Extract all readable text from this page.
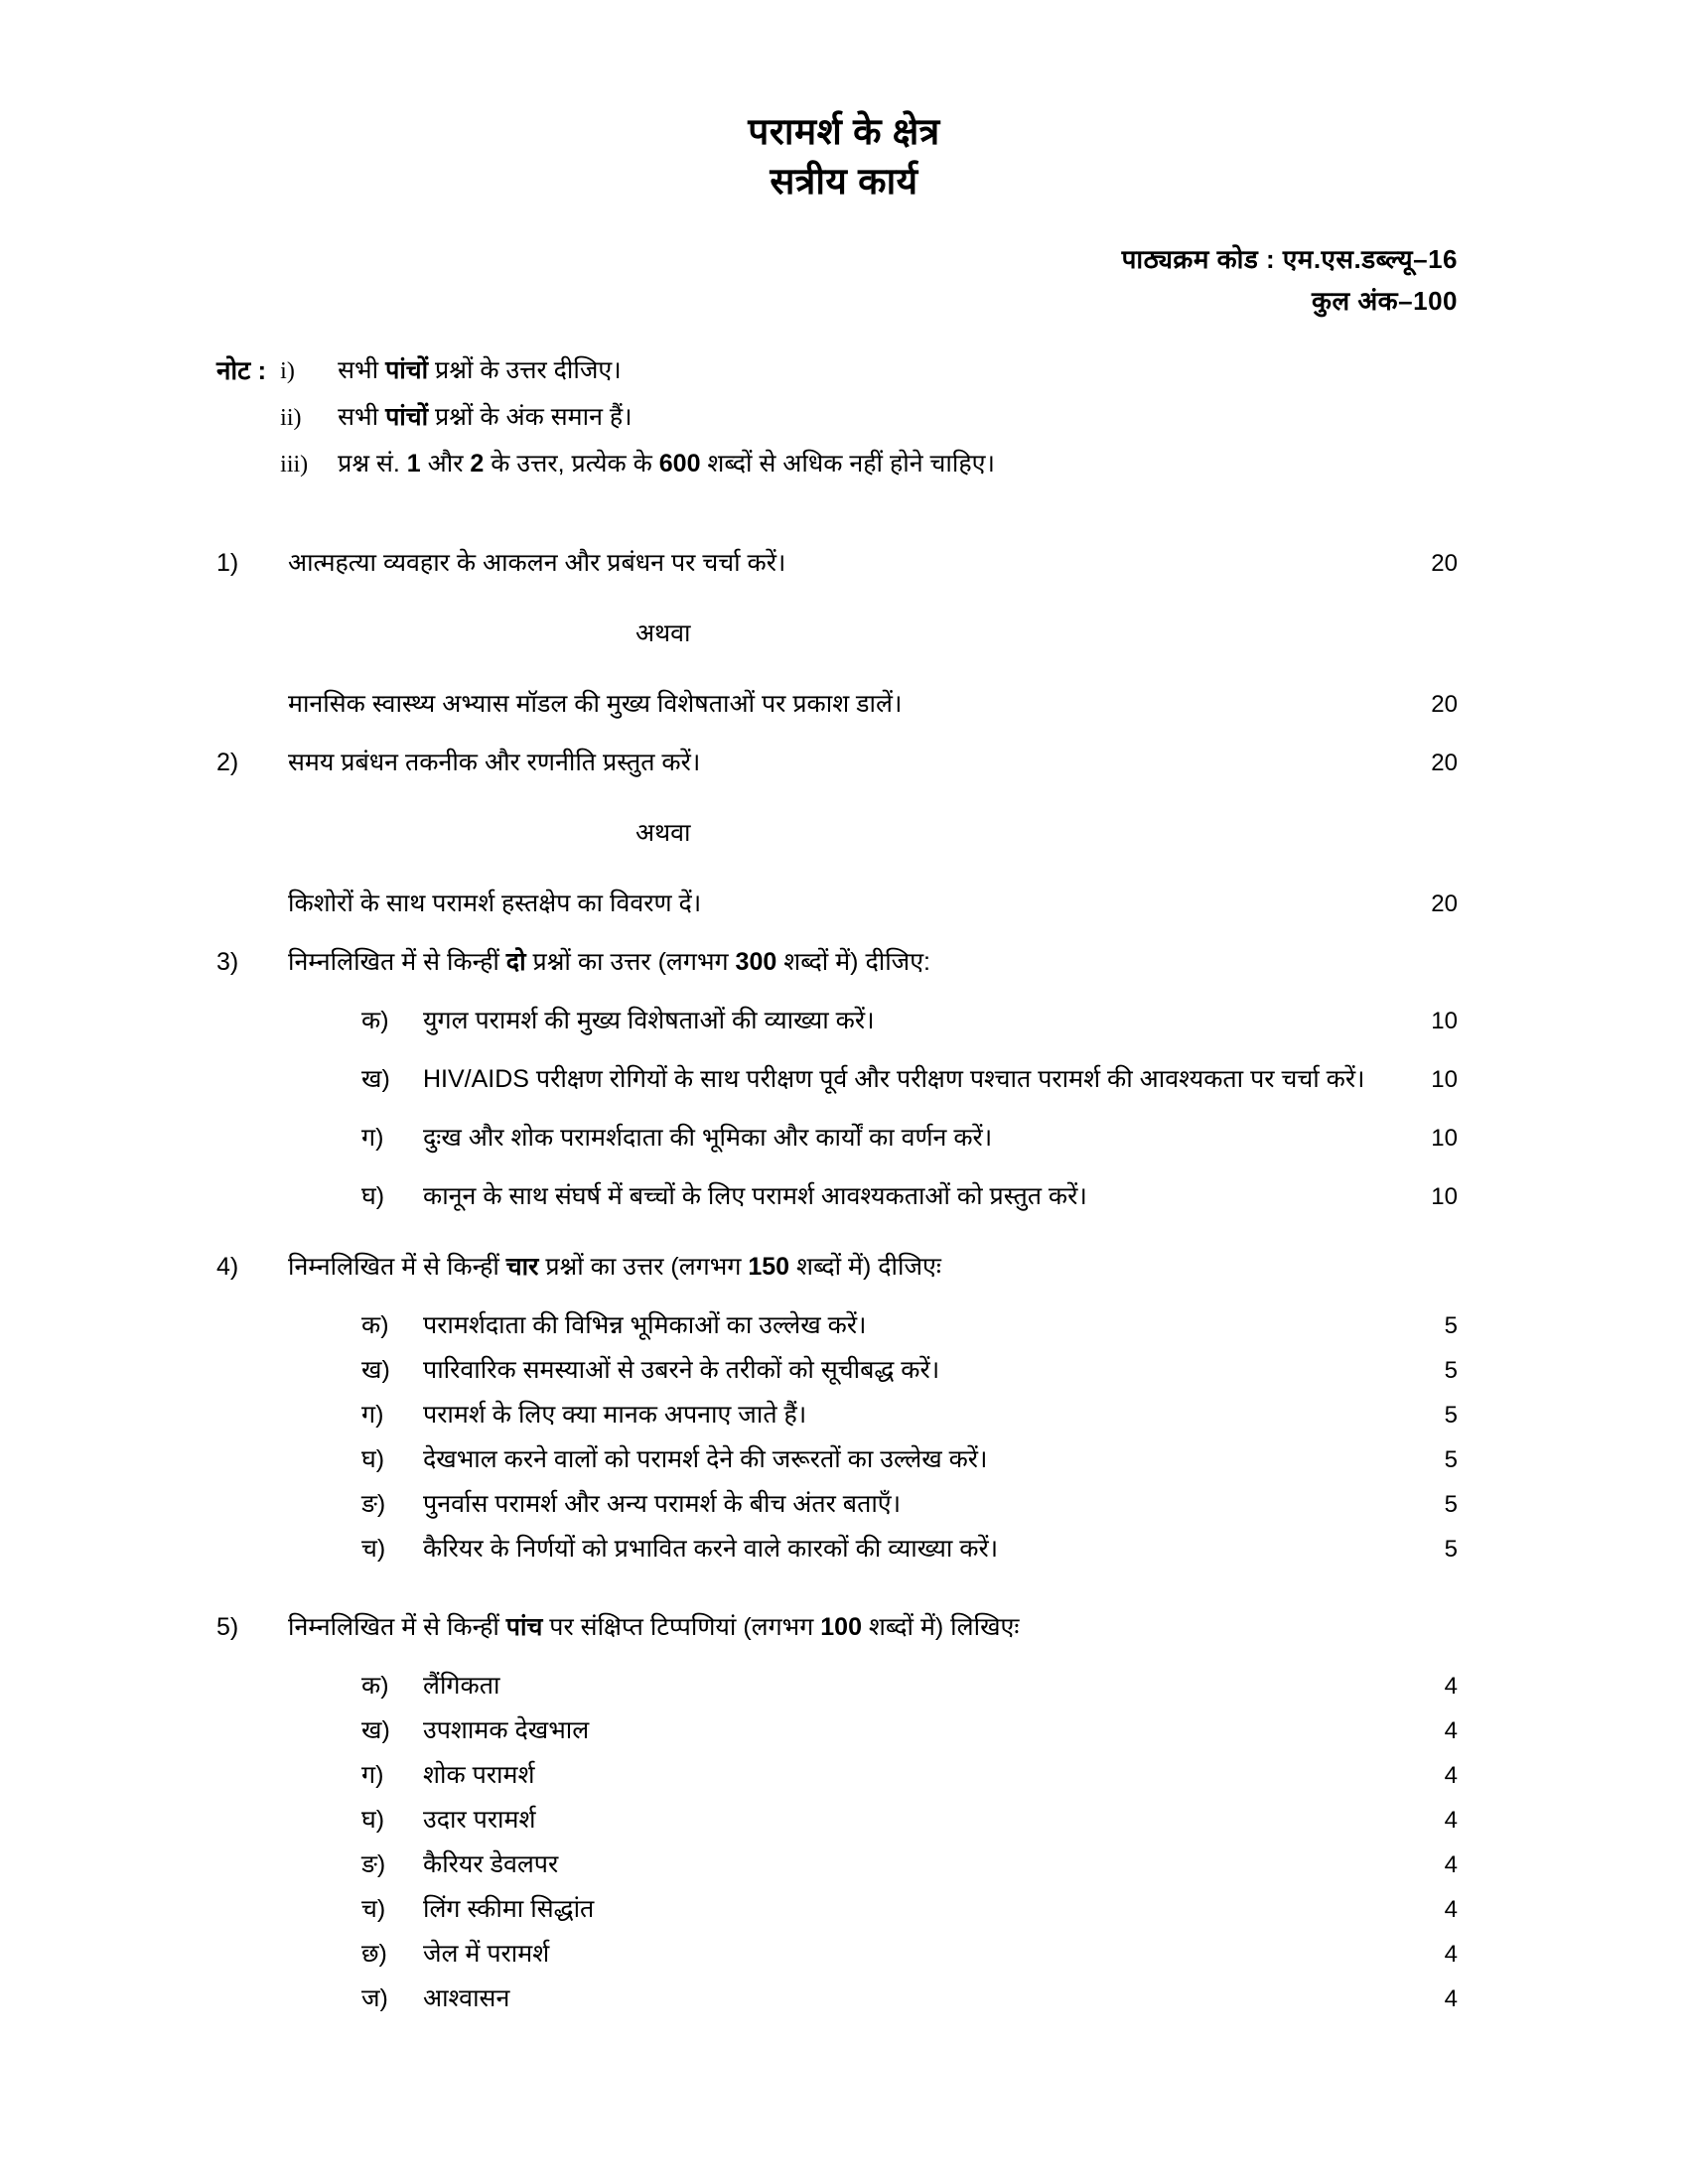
परामर्श के क्षेत्र
सत्रीय कार्य
पाठ्यक्रम कोड : एम.एस.डब्ल्यू–16
कुल अंक–100
नोट : i)	सभी पांचों प्रश्नों के उत्तर दीजिए।
ii)	सभी पांचों प्रश्नों के अंक समान हैं।
iii)	प्रश्न सं. 1 और 2 के उत्तर, प्रत्येक के 600 शब्दों से अधिक नहीं होने चाहिए।
1)	आत्महत्या व्यवहार के आकलन और प्रबंधन पर चर्चा करें।	20
अथवा
मानसिक स्वास्थ्य अभ्यास मॉडल की मुख्य विशेषताओं पर प्रकाश डालें।	20
2)	समय प्रबंधन तकनीक और रणनीति प्रस्तुत करें।	20
अथवा
किशोरों के साथ परामर्श हस्तक्षेप का विवरण दें।	20
3)	निम्नलिखित में से किन्हीं दो प्रश्नों का उत्तर (लगभग 300 शब्दों में) दीजिए:
क)	युगल परामर्श की मुख्य विशेषताओं की व्याख्या करें।	10
ख)	HIV/AIDS परीक्षण रोगियों के साथ परीक्षण पूर्व और परीक्षण पश्चात परामर्श की आवश्यकता पर चर्चा करें।	10
ग)	दुःख और शोक परामर्शदाता की भूमिका और कार्यों का वर्णन करें।	10
घ)	कानून के साथ संघर्ष में बच्चों के लिए परामर्श आवश्यकताओं को प्रस्तुत करें।	10
4)	निम्नलिखित में से किन्हीं चार प्रश्नों का उत्तर (लगभग 150 शब्दों में) दीजिएः
क)	परामर्शदाता की विभिन्न भूमिकाओं का उल्लेख करें।	5
ख)	पारिवारिक समस्याओं से उबरने के तरीकों को सूचीबद्ध करें।	5
ग)	परामर्श के लिए क्या मानक अपनाए जाते हैं।	5
घ)	देखभाल करने वालों को परामर्श देने की जरूरतों का उल्लेख करें।	5
ङ)	पुनर्वास परामर्श और अन्य परामर्श के बीच अंतर बताएँ।	5
च)	कैरियर के निर्णयों को प्रभावित करने वाले कारकों की व्याख्या करें।	5
5)	निम्नलिखित में से किन्हीं पांच पर संक्षिप्त टिप्पणियां (लगभग 100 शब्दों में) लिखिएः
क)	लैंगिकता	4
ख)	उपशामक देखभाल	4
ग)	शोक परामर्श	4
घ)	उदार परामर्श	4
ङ)	कैरियर डेवलपर	4
च)	लिंग स्कीमा सिद्धांत	4
छ)	जेल में परामर्श	4
ज)	आश्वासन	4
